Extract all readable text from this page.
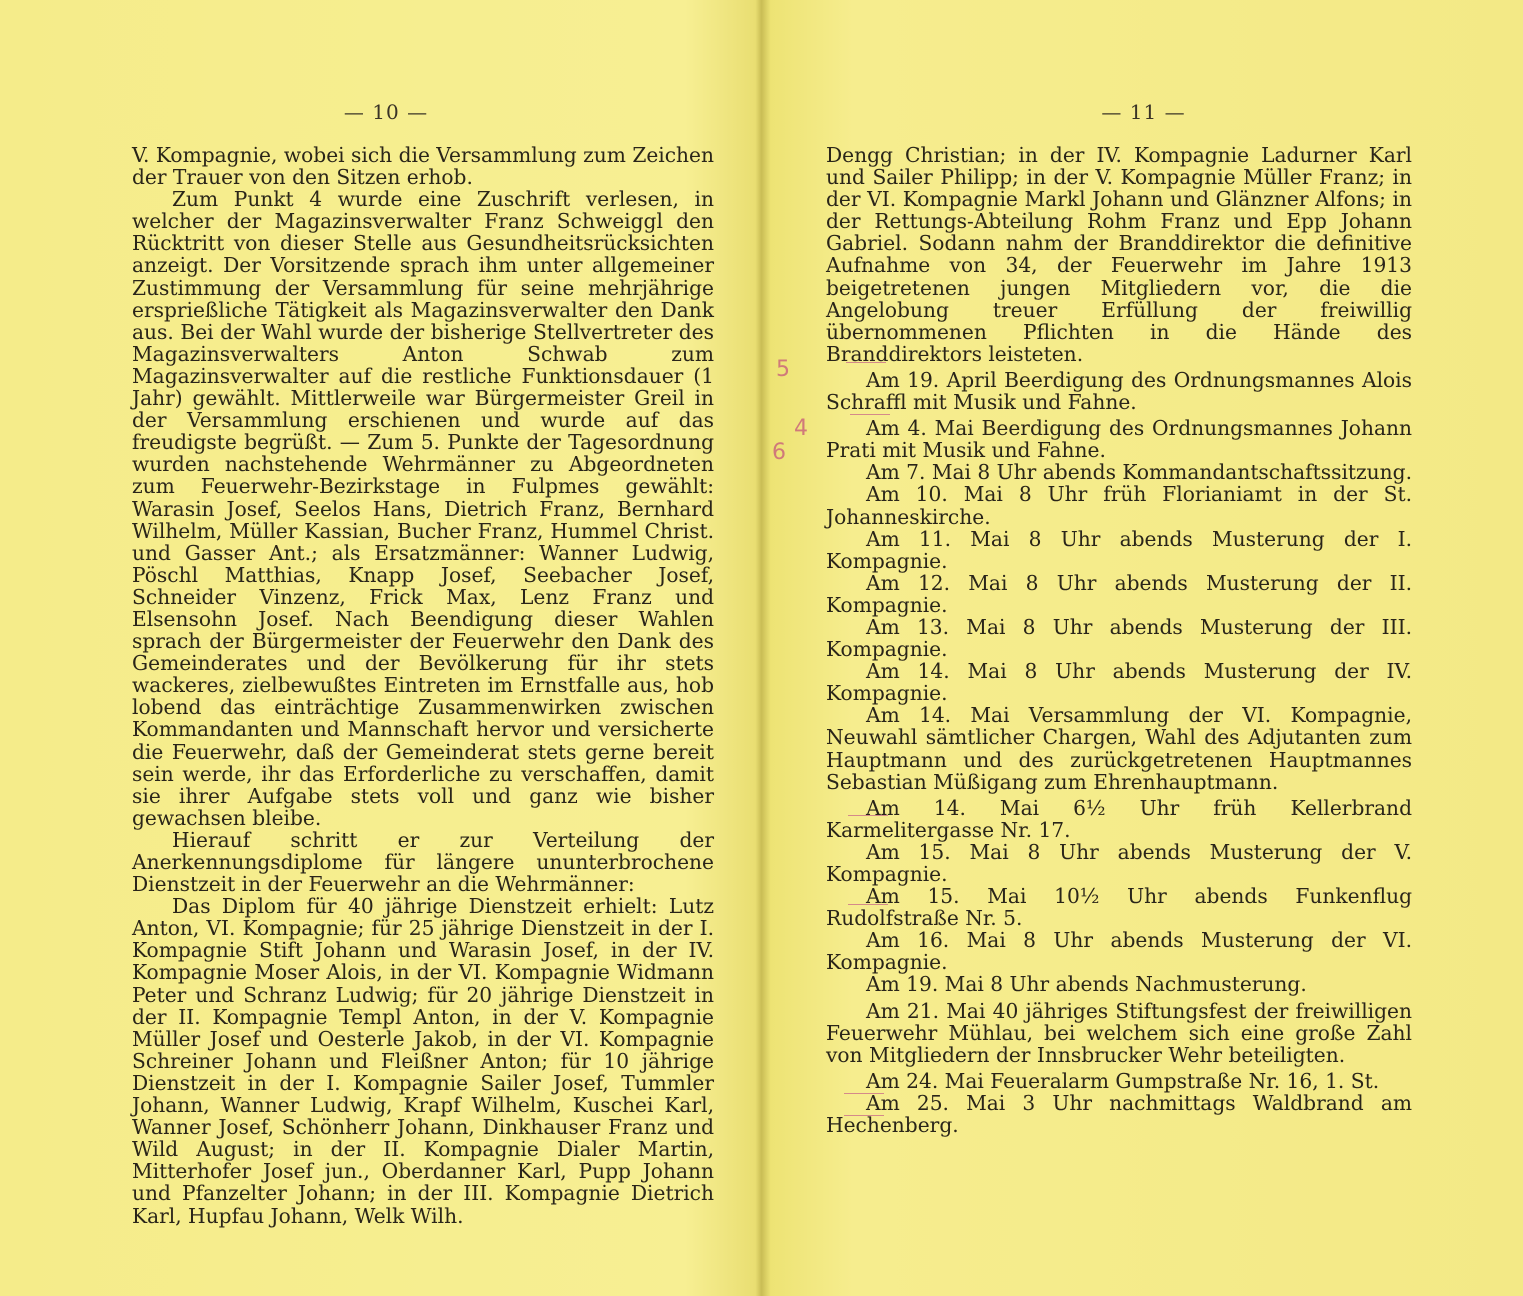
— 10 —

V. Kompagnie, wobei sich die Versammlung zum Zeichen der Trauer von den Sitzen erhob.

Zum Punkt 4 wurde eine Zuschrift verlesen, in welcher der Magazinsverwalter Franz Schweiggl den Rücktritt von dieser Stelle aus Gesundheitsrücksichten anzeigt. Der Vorsitzende sprach ihm unter allgemeiner Zustimmung der Versammlung für seine mehrjährige ersprießliche Tätigkeit als Magazinsverwalter den Dank aus. Bei der Wahl wurde der bisherige Stellvertreter des Magazinsverwalters Anton Schwab zum Magazinsverwalter auf die restliche Funktionsdauer (1 Jahr) gewählt. Mittlerweile war Bürgermeister Greil in der Versammlung erschienen und wurde auf das freudigste begrüßt. — Zum 5. Punkte der Tagesordnung wurden nachstehende Wehrmänner zu Abgeordneten zum Feuerwehr-Bezirkstage in Fulpmes gewählt: Warasin Josef, Seelos Hans, Dietrich Franz, Bernhard Wilhelm, Müller Kassian, Bucher Franz, Hummel Christ. und Gasser Ant.; als Ersatzmänner: Wanner Ludwig, Pöschl Matthias, Knapp Josef, Seebacher Josef, Schneider Vinzenz, Frick Max, Lenz Franz und Elsensohn Josef. Nach Beendigung dieser Wahlen sprach der Bürgermeister der Feuerwehr den Dank des Gemeinderates und der Bevölkerung für ihr stets wackeres, zielbewußtes Eintreten im Ernstfalle aus, hob lobend das einträchtige Zusammenwirken zwischen Kommandanten und Mannschaft hervor und versicherte die Feuerwehr, daß der Gemeinderat stets gerne bereit sein werde, ihr das Erforderliche zu verschaffen, damit sie ihrer Aufgabe stets voll und ganz wie bisher gewachsen bleibe.

Hierauf schritt er zur Verteilung der Anerkennungsdiplome für längere ununterbrochene Dienstzeit in der Feuerwehr an die Wehrmänner:

Das Diplom für 40 jährige Dienstzeit erhielt: Lutz Anton, VI. Kompagnie; für 25 jährige Dienstzeit in der I. Kompagnie Stift Johann und Warasin Josef, in der IV. Kompagnie Moser Alois, in der VI. Kompagnie Widmann Peter und Schranz Ludwig; für 20 jährige Dienstzeit in der II. Kompagnie Templ Anton, in der V. Kompagnie Müller Josef und Oesterle Jakob, in der VI. Kompagnie Schreiner Johann und Fleißner Anton; für 10 jährige Dienstzeit in der I. Kompagnie Sailer Josef, Tummler Johann, Wanner Ludwig, Krapf Wilhelm, Kuschei Karl, Wanner Josef, Schönherr Johann, Dinkhauser Franz und Wild August; in der II. Kompagnie Dialer Martin, Mitterhofer Josef jun., Oberdanner Karl, Pupp Johann und Pfanzelter Johann; in der III. Kompagnie Dietrich Karl, Hupfau Johann, Welk Wilh.

— 11 —
5
4
6

Dengg Christian; in der IV. Kompagnie Ladurner Karl und Sailer Philipp; in der V. Kompagnie Müller Franz; in der VI. Kompagnie Markl Johann und Glänzner Alfons; in der Rettungs-Abteilung Rohm Franz und Epp Johann Gabriel. Sodann nahm der Branddirektor die definitive Aufnahme von 34, der Feuerwehr im Jahre 1913 beigetretenen jungen Mitgliedern vor, die die Angelobung treuer Erfüllung der freiwillig übernommenen Pflichten in die Hände des Branddirektors leisteten.

Am 19. April Beerdigung des Ordnungsmannes Alois Schraffl mit Musik und Fahne.

Am 4. Mai Beerdigung des Ordnungsmannes Johann Prati mit Musik und Fahne.

Am 7. Mai 8 Uhr abends Kommandantschaftssitzung.

Am 10. Mai 8 Uhr früh Florianiamt in der St. Johanneskirche.

Am 11. Mai 8 Uhr abends Musterung der I. Kompagnie.

Am 12. Mai 8 Uhr abends Musterung der II. Kompagnie.

Am 13. Mai 8 Uhr abends Musterung der III. Kompagnie.

Am 14. Mai 8 Uhr abends Musterung der IV. Kompagnie.

Am 14. Mai Versammlung der VI. Kompagnie, Neuwahl sämtlicher Chargen, Wahl des Adjutanten zum Hauptmann und des zurückgetretenen Hauptmannes Sebastian Müßigang zum Ehrenhauptmann.

Am 14. Mai 6½ Uhr früh Kellerbrand Karmelitergasse Nr. 17.

Am 15. Mai 8 Uhr abends Musterung der V. Kompagnie.

Am 15. Mai 10½ Uhr abends Funkenflug Rudolfstraße Nr. 5.

Am 16. Mai 8 Uhr abends Musterung der VI. Kompagnie.

Am 19. Mai 8 Uhr abends Nachmusterung.

Am 21. Mai 40 jähriges Stiftungsfest der freiwilligen Feuerwehr Mühlau, bei welchem sich eine große Zahl von Mitgliedern der Innsbrucker Wehr beteiligten.

Am 24. Mai Feueralarm Gumpstraße Nr. 16, 1. St.

Am 25. Mai 3 Uhr nachmittags Waldbrand am Hechenberg.
